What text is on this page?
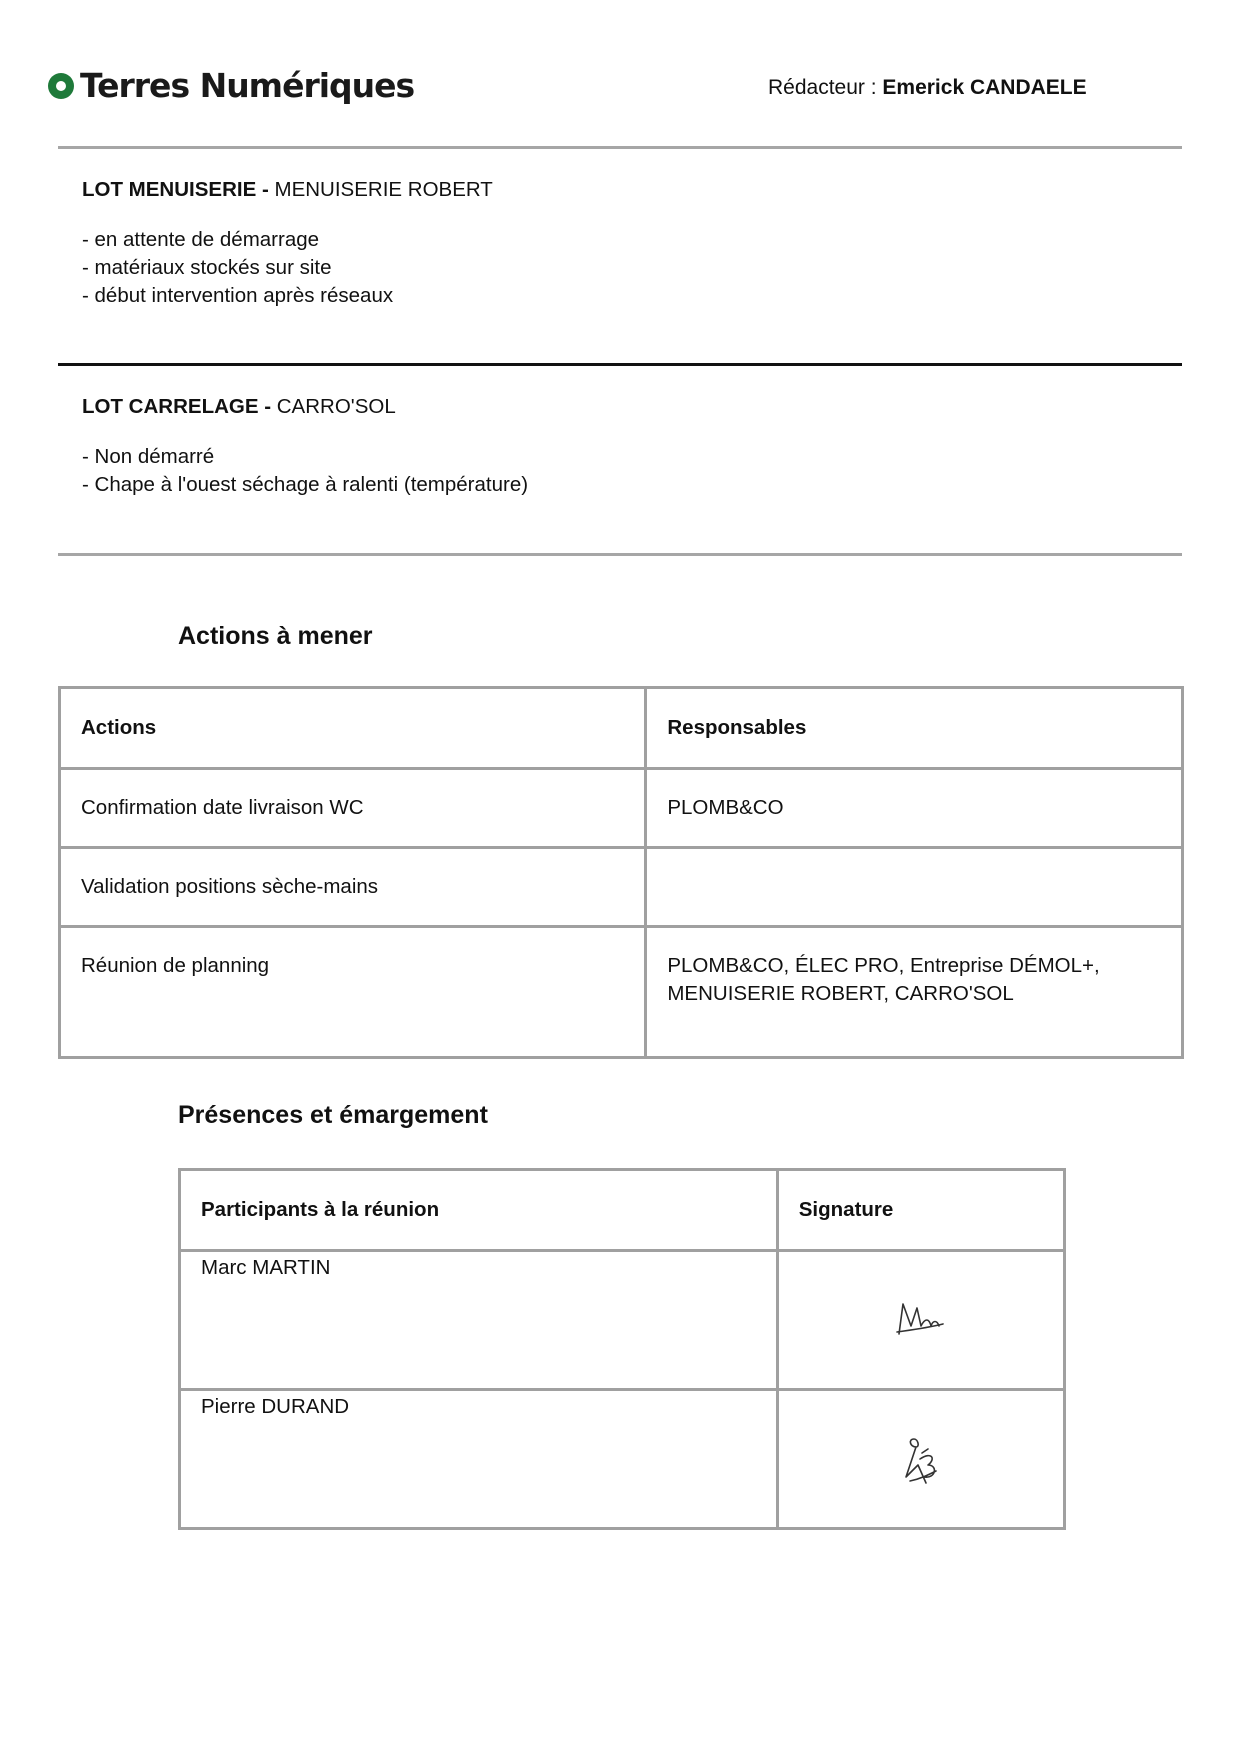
Terres Numériques	Rédacteur : Emerick CANDAELE

LOT MENUISERIE - MENUISERIE ROBERT

- en attente de démarrage

- matériaux stockés sur site

- début intervention après réseaux

LOT CARRELAGE - CARRO'SOL

- Non démarré

- Chape à l'ouest séchage à ralenti (température)

Actions à mener
Actions	Responsables
Confirmation date livraison WC	PLOMB&CO
Validation positions sèche-mains	
Réunion de planning	PLOMB&CO, ÉLEC PRO, Entreprise DÉMOL+, MENUISERIE ROBERT, CARRO'SOL
Présences et émargement
Participants à la réunion	Signature
Marc MARTIN	

Pierre DURAND	
